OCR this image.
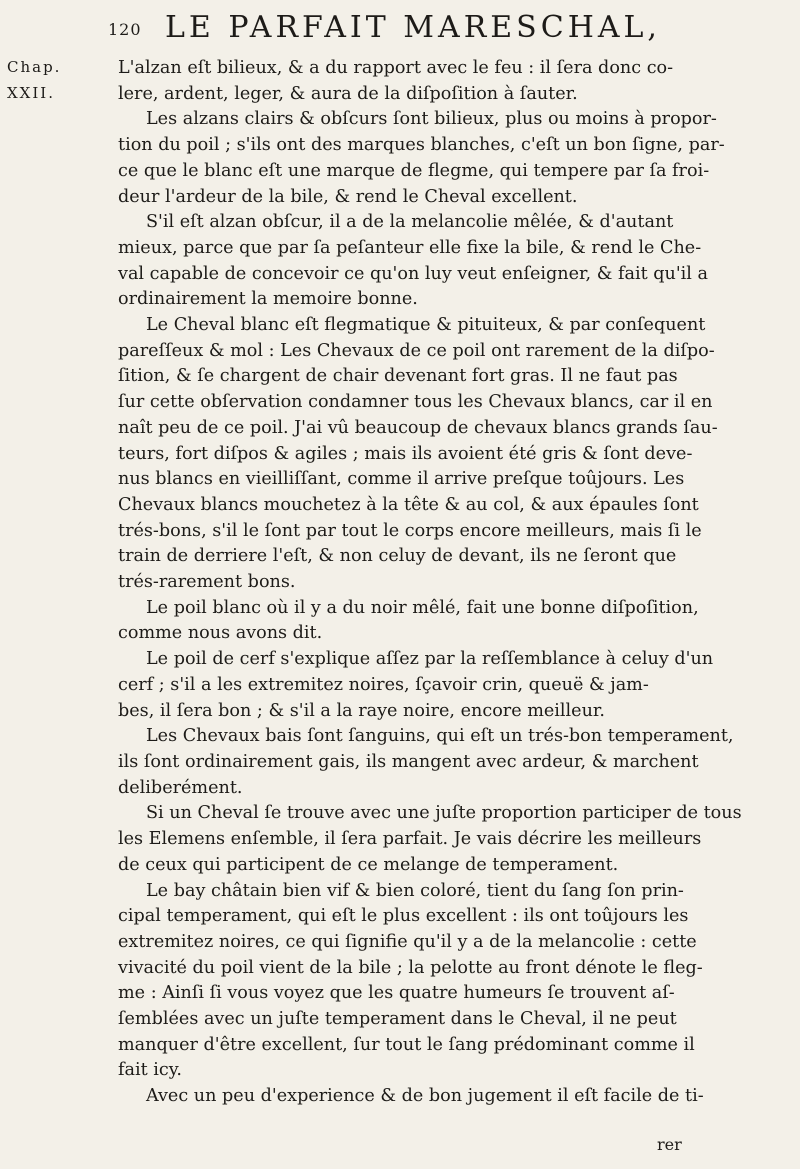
120 LE PARFAIT MARESCHAL,
Chap.
XXII.
L'alzan eſt bilieux, & a du rapport avec le feu : il ſera donc co-
lere, ardent, leger, & aura de la diſpoſition à ſauter.
Les alzans clairs & obſcurs ſont bilieux, plus ou moins à propor-
tion du poil ; s'ils ont des marques blanches, c'eſt un bon ſigne, par-
ce que le blanc eſt une marque de flegme, qui tempere par ſa froi-
deur l'ardeur de la bile, & rend le Cheval excellent.
S'il eſt alzan obſcur, il a de la melancolie mêlée, & d'autant
mieux, parce que par ſa peſanteur elle fixe la bile, & rend le Che-
val capable de concevoir ce qu'on luy veut enſeigner, & fait qu'il a
ordinairement la memoire bonne.
Le Cheval blanc eſt flegmatique & pituiteux, & par conſequent
pareſſeux & mol : Les Chevaux de ce poil ont rarement de la diſpo-
ſition, & ſe chargent de chair devenant fort gras. Il ne faut pas
ſur cette obſervation condamner tous les Chevaux blancs, car il en
naît peu de ce poil. J'ai vû beaucoup de chevaux blancs grands ſau-
teurs, fort diſpos & agiles ; mais ils avoient été gris & ſont deve-
nus blancs en vieilliſſant, comme il arrive preſque toûjours. Les
Chevaux blancs mouchetez à la tête & au col, & aux épaules ſont
trés-bons, s'il le ſont par tout le corps encore meilleurs, mais ſi le
train de derriere l'eſt, & non celuy de devant, ils ne ſeront que
trés-rarement bons.
Le poil blanc où il y a du noir mêlé, fait une bonne diſpoſition,
comme nous avons dit.
Le poil de cerf s'explique aſſez par la reſſemblance à celuy d'un
cerf ; s'il a les extremitez noires, ſçavoir crin, queuë & jam-
bes, il ſera bon ; & s'il a la raye noire, encore meilleur.
Les Chevaux bais ſont ſanguins, qui eſt un trés-bon temperament,
ils ſont ordinairement gais, ils mangent avec ardeur, & marchent
deliberément.
Si un Cheval ſe trouve avec une juſte proportion participer de tous
les Elemens enſemble, il ſera parfait. Je vais décrire les meilleurs
de ceux qui participent de ce melange de temperament.
Le bay châtain bien vif & bien coloré, tient du ſang ſon prin-
cipal temperament, qui eſt le plus excellent : ils ont toûjours les
extremitez noires, ce qui ſignifie qu'il y a de la melancolie : cette
vivacité du poil vient de la bile ; la pelotte au front dénote le fleg-
me : Ainſi ſi vous voyez que les quatre humeurs ſe trouvent aſ-
ſemblées avec un juſte temperament dans le Cheval, il ne peut
manquer d'être excellent, ſur tout le ſang prédominant comme il
fait icy.
Avec un peu d'experience & de bon jugement il eſt facile de ti-
rer
